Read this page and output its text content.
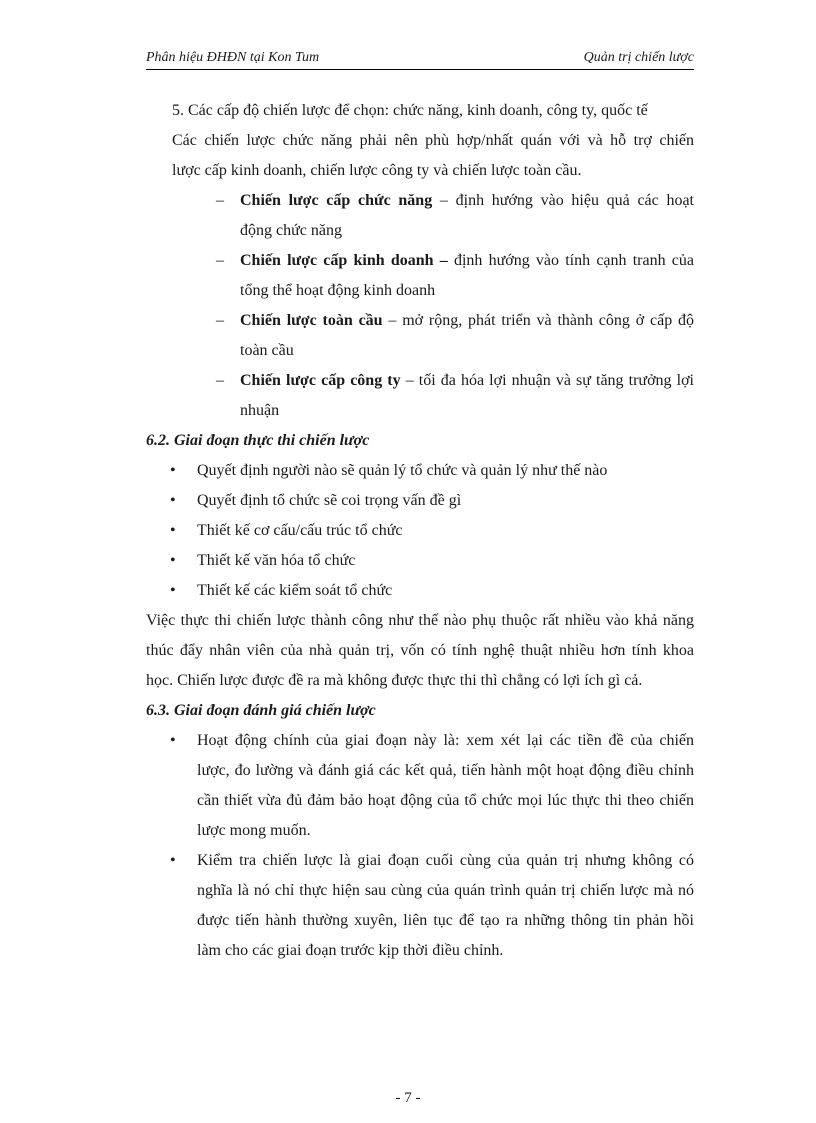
Phân hiệu ĐHĐN tại Kon Tum	Quản trị chiến lược
5. Các cấp độ chiến lược để chọn: chức năng, kinh doanh, công ty, quốc tế
Các chiến lược chức năng phải nên phù hợp/nhất quán với và hỗ trợ chiến
lược cấp kinh doanh, chiến lược công ty và chiến lược toàn cầu.
– Chiến lược cấp chức năng – định hướng vào hiệu quả các hoạt
động chức năng
– Chiến lược cấp kinh doanh – định hướng vào tính cạnh tranh của
tổng thể hoạt động kinh doanh
– Chiến lược toàn cầu – mở rộng, phát triển và thành công ở cấp độ
toàn cầu
– Chiến lược cấp công ty – tối đa hóa lợi nhuận và sự tăng trưởng lợi
nhuận
6.2. Giai đoạn thực thi chiến lược
• Quyết định người nào sẽ quản lý tổ chức và quản lý như thế nào
• Quyết định tổ chức sẽ coi trọng vấn đề gì
• Thiết kế cơ cấu/cấu trúc tổ chức
• Thiết kế văn hóa tổ chức
• Thiết kế các kiểm soát tổ chức
Việc thực thi chiến lược thành công như thế nào phụ thuộc rất nhiều vào khả năng
thúc đẩy nhân viên của nhà quản trị, vốn có tính nghệ thuật nhiều hơn tính khoa
học. Chiến lược được đề ra mà không được thực thi thì chẳng có lợi ích gì cả.
6.3. Giai đoạn đánh giá chiến lược
• Hoạt động chính của giai đoạn này là: xem xét lại các tiền đề của chiến
lược, đo lường và đánh giá các kết quả, tiến hành một hoạt động điều chỉnh
cần thiết vừa đủ đảm bảo hoạt động của tổ chức mọi lúc thực thi theo chiến
lược mong muốn.
• Kiểm tra chiến lược là giai đoạn cuối cùng của quản trị nhưng không có
nghĩa là nó chỉ thực hiện sau cùng của quán trình quản trị chiến lược mà nó
được tiến hành thường xuyên, liên tục để tạo ra những thông tin phản hồi
làm cho các giai đoạn trước kịp thời điều chỉnh.
- 7 -
